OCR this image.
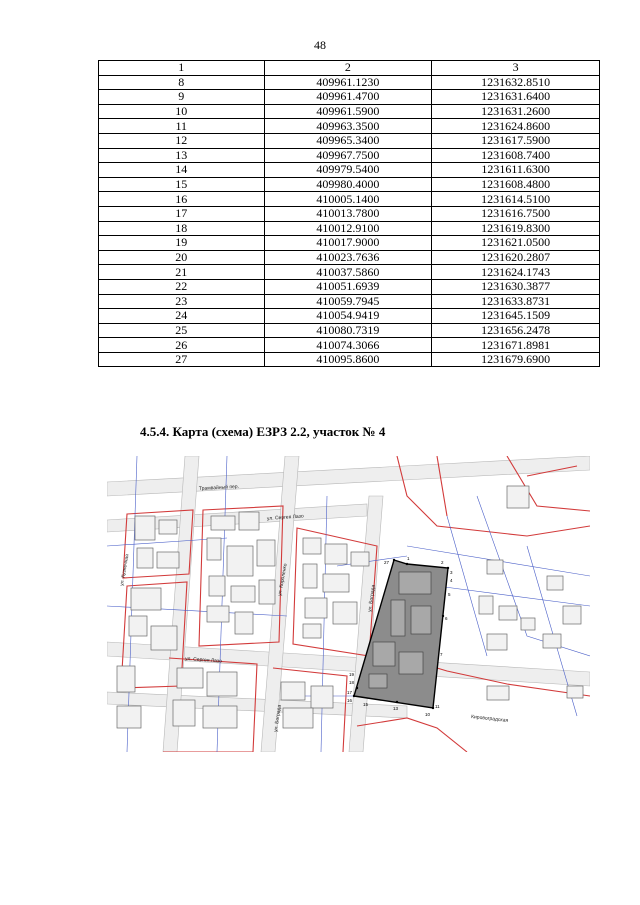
48
1	2	3
8	409961.1230	1231632.8510
9	409961.4700	1231631.6400
10	409961.5900	1231631.2600
11	409963.3500	1231624.8600
12	409965.3400	1231617.5900
13	409967.7500	1231608.7400
14	409979.5400	1231611.6300
15	409980.4000	1231608.4800
16	410005.1400	1231614.5100
17	410013.7800	1231616.7500
18	410012.9100	1231619.8300
19	410017.9000	1231621.0500
20	410023.7636	1231620.2807
21	410037.5860	1231624.1743
22	410051.6939	1231630.3877
23	410059.7945	1231633.8731
24	410054.9419	1231645.1509
25	410080.7319	1231656.2478
26	410074.3066	1231671.8981
27	410095.8600	1231679.6900
4.5.4. Карта (схема) ЕЗРЗ 2.2, участок № 4
Трамвайный пер.
ул. Сергея Лазо
ул. Кузнечная	ул. Короленко
ул. Сергея Лазо
ул. Бограда
ул. Бограда	Кировоградская
27
1
2
3
4
5
6
7
10
11
13
15
16
17
18
19
